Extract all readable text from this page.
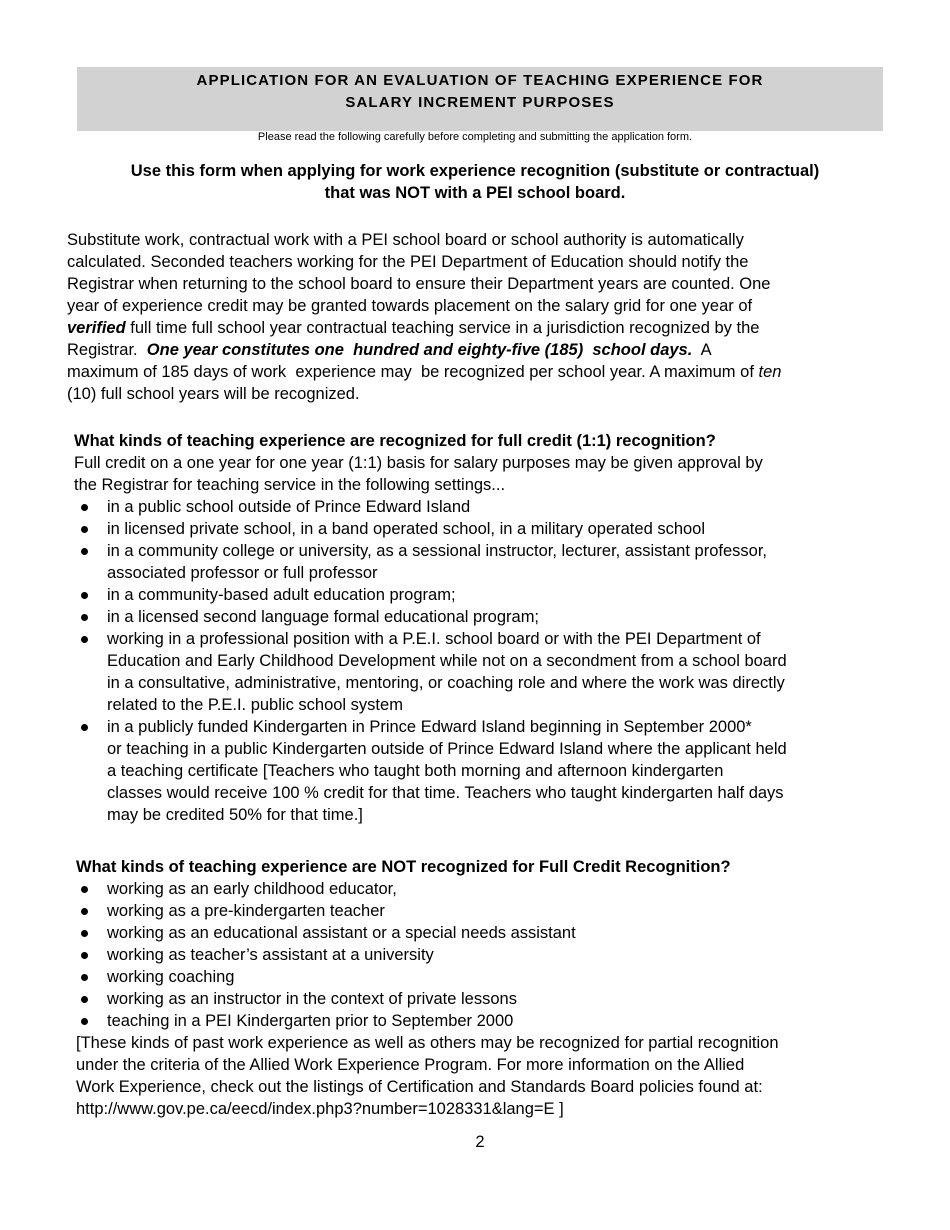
APPLICATION FOR AN EVALUATION OF TEACHING EXPERIENCE FOR
SALARY INCREMENT PURPOSES
Please read the following carefully before completing and submitting the application form.
Use this form when applying for work experience recognition (substitute or contractual)
that was NOT with a PEI school board.
Substitute work, contractual work with a PEI school board or school authority is automatically
calculated. Seconded teachers working for the PEI Department of Education should notify the
Registrar when returning to the school board to ensure their Department years are counted. One
year of experience credit may be granted towards placement on the salary grid for one year of
verified full time full school year contractual teaching service in a jurisdiction recognized by the
Registrar.  One year constitutes one  hundred and eighty-five (185)  school days.  A
maximum of 185 days of work  experience may  be recognized per school year. A maximum of ten
(10) full school years will be recognized.
What kinds of teaching experience are recognized for full credit (1:1) recognition?
Full credit on a one year for one year (1:1) basis for salary purposes may be given approval by
the Registrar for teaching service in the following settings...
in a public school outside of Prince Edward Island
in licensed private school, in a band operated school, in a military operated school
in a community college or university, as a sessional instructor, lecturer, assistant professor,
associated professor or full professor
in a community-based adult education program;
in a licensed second language formal educational program;
working in a professional position with a P.E.I. school board or with the PEI Department of
Education and Early Childhood Development while not on a secondment from a school board
in a consultative, administrative, mentoring, or coaching role and where the work was directly
related to the P.E.I. public school system
in a publicly funded Kindergarten in Prince Edward Island beginning in September 2000*
or teaching in a public Kindergarten outside of Prince Edward Island where the applicant held
a teaching certificate [Teachers who taught both morning and afternoon kindergarten
classes would receive 100 % credit for that time. Teachers who taught kindergarten half days
may be credited 50% for that time.]
What kinds of teaching experience are NOT recognized for Full Credit Recognition?
working as an early childhood educator,
working as a pre-kindergarten teacher
working as an educational assistant or a special needs assistant
working as teacher’s assistant at a university
working coaching
working as an instructor in the context of private lessons
teaching in a PEI Kindergarten prior to September 2000
[These kinds of past work experience as well as others may be recognized for partial recognition
under the criteria of the Allied Work Experience Program. For more information on the Allied
Work Experience, check out the listings of Certification and Standards Board policies found at:
http://www.gov.pe.ca/eecd/index.php3?number=1028331&lang=E ]
2
